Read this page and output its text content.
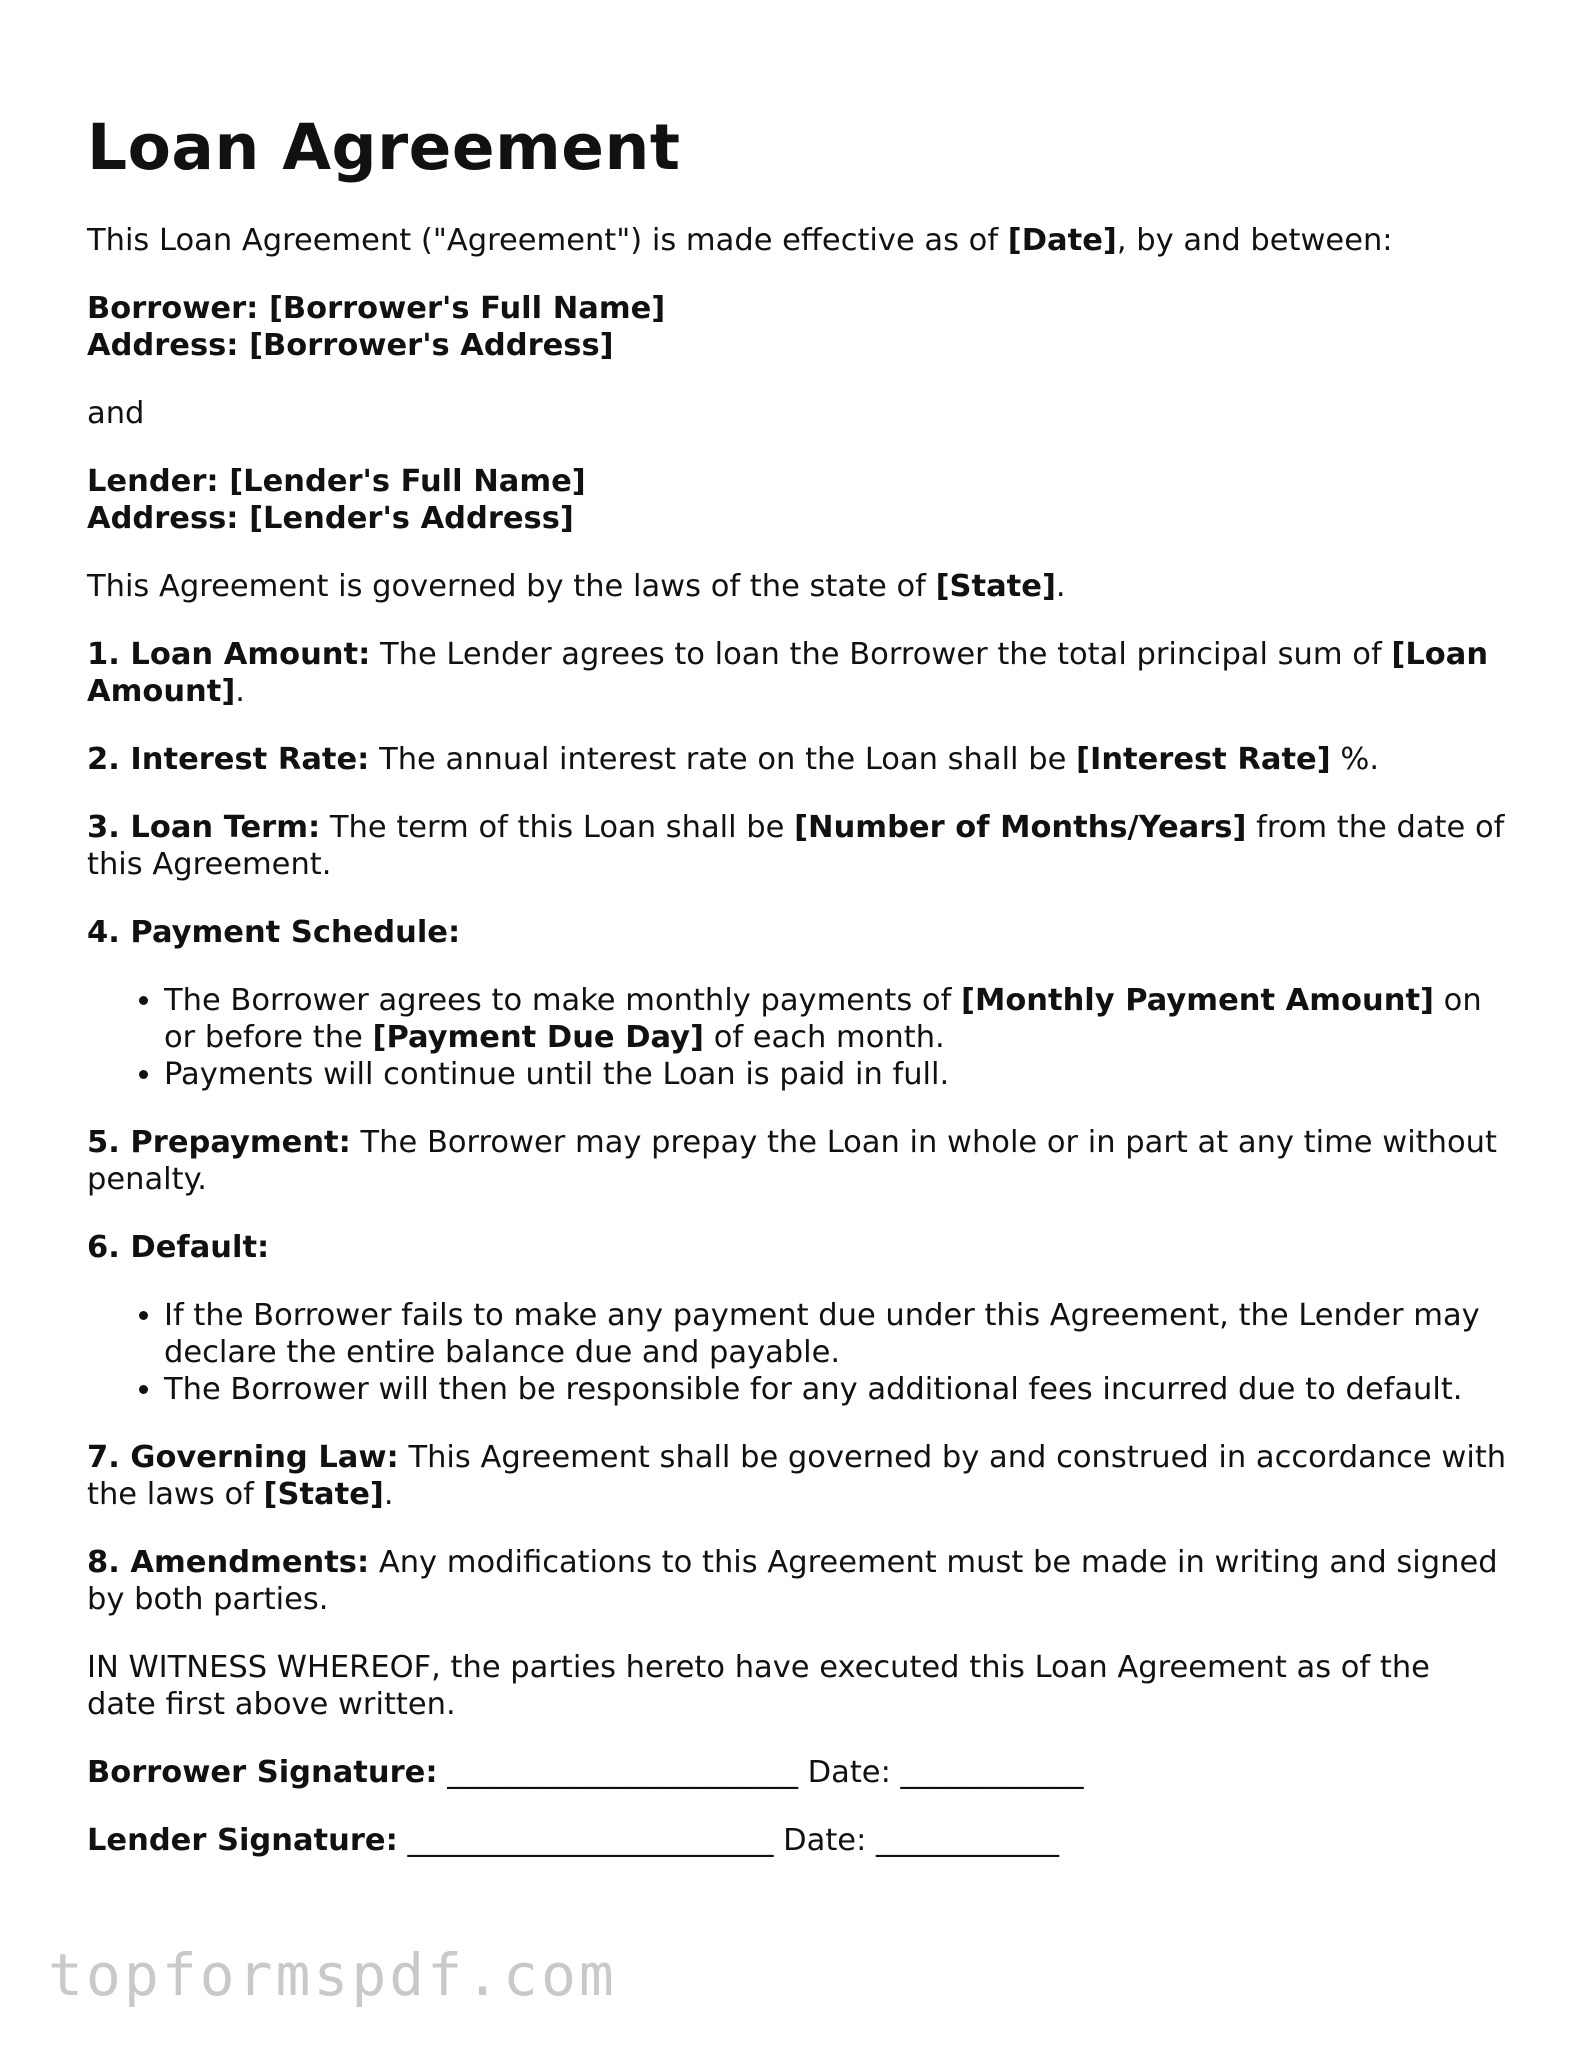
Loan Agreement

This Loan Agreement ("Agreement") is made effective as of [Date], by and between:

Borrower: [Borrower's Full Name]
Address: [Borrower's Address]

and

Lender: [Lender's Full Name]
Address: [Lender's Address]

This Agreement is governed by the laws of the state of [State].

1. Loan Amount: The Lender agrees to loan the Borrower the total principal sum of [Loan Amount].

2. Interest Rate: The annual interest rate on the Loan shall be [Interest Rate] %.

3. Loan Term: The term of this Loan shall be [Number of Months/Years] from the date of this Agreement.

4. Payment Schedule:

• The Borrower agrees to make monthly payments of [Monthly Payment Amount] on or before the [Payment Due Day] of each month.
• Payments will continue until the Loan is paid in full.

5. Prepayment: The Borrower may prepay the Loan in whole or in part at any time without penalty.

6. Default:

• If the Borrower fails to make any payment due under this Agreement, the Lender may declare the entire balance due and payable.
• The Borrower will then be responsible for any additional fees incurred due to default.

7. Governing Law: This Agreement shall be governed by and construed in accordance with the laws of [State].

8. Amendments: Any modifications to this Agreement must be made in writing and signed by both parties.

IN WITNESS WHEREOF, the parties hereto have executed this Loan Agreement as of the date first above written.

Borrower Signature: _______________________ Date: ____________
Lender Signature: ________________________ Date: ____________
topformspdf.com
